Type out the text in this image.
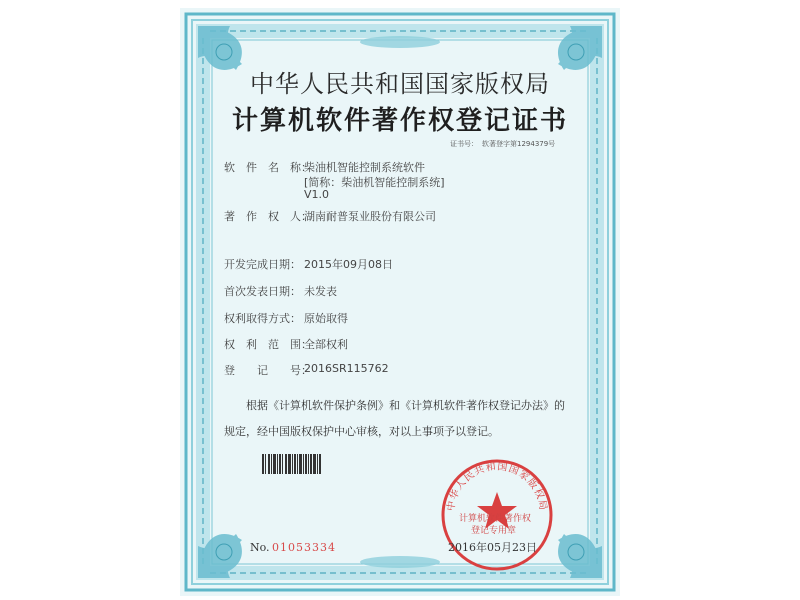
中华人民共和国国家版权局
计算机软件著作权登记证书
证书号： 软著登字第1294379号
软　件　名　称：
柴油机智能控制系统软件
[简称：柴油机智能控制系统]
V1.0
著　作　权　人：
湖南耐普泵业股份有限公司
开发完成日期： 2015年09月08日
首次发表日期： 未发表
权利取得方式： 原始取得
权　利　范　围：
全部权利
登　　记　　号：
2016SR115762
　　根据《计算机软件保护条例》和《计算机软件著作权登记办法》的
规定，经中国版权保护中心审核，对以上事项予以登记。
No. 01053334
中华人民共和国国家版权局
计算机软件著作权
登记专用章
2016年05月23日
